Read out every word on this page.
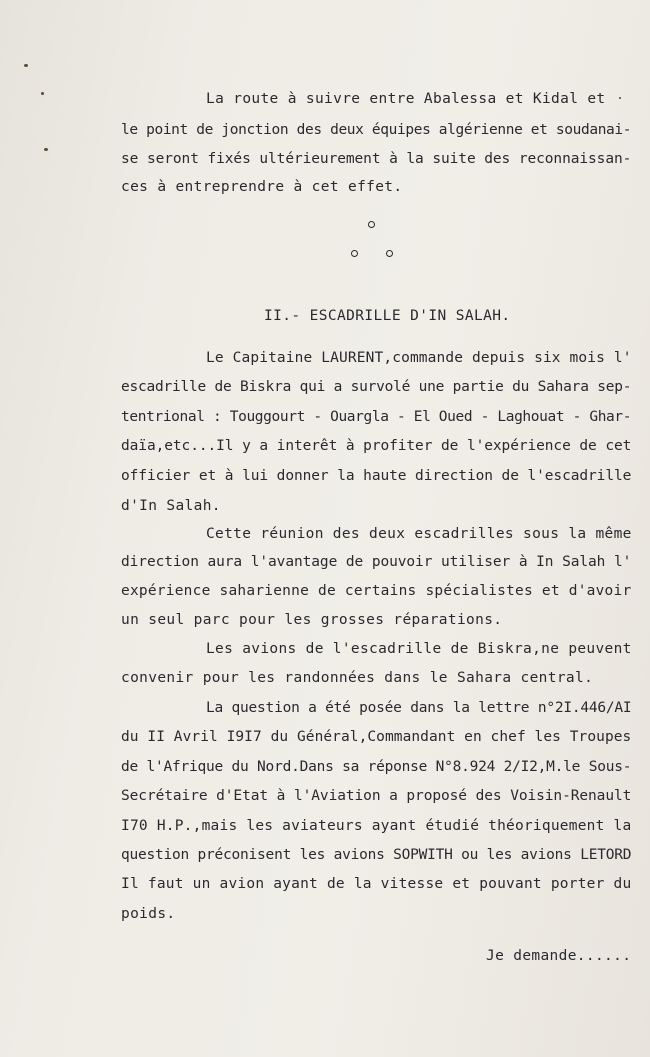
La route à suivre entre Abalessa et Kidal et
le point de jonction des deux équipes algérienne et soudanai-
se seront fixés ultérieurement à la suite des reconnaissan-
ces à entreprendre à cet effet.
II.- ESCADRILLE D'IN SALAH.
Le Capitaine LAURENT,commande depuis six mois l'
escadrille de Biskra qui a survolé une partie du Sahara sep-
tentrional : Touggourt - Ouargla - El Oued - Laghouat - Ghar-
daïa,etc...Il y a interêt à profiter de l'expérience de cet
officier et à lui donner la haute direction de l'escadrille
d'In Salah.
Cette réunion des deux escadrilles sous la même
direction aura l'avantage de pouvoir utiliser à In Salah l'
expérience saharienne de certains spécialistes et d'avoir
un seul parc pour les grosses réparations.
Les avions de l'escadrille de Biskra,ne peuvent
convenir pour les randonnées dans le Sahara central.
La question a été posée dans la lettre n°2I.446/AI
du II Avril I9I7 du Général,Commandant en chef les Troupes
de l'Afrique du Nord.Dans sa réponse N°8.924 2/I2,M.le Sous-
Secrétaire d'Etat à l'Aviation a proposé des Voisin-Renault
I70 H.P.,mais les aviateurs ayant étudié théoriquement la
question préconisent les avions SOPWITH ou les avions LETORD
Il faut un avion ayant de la vitesse et pouvant porter du
poids.
Je demande......
